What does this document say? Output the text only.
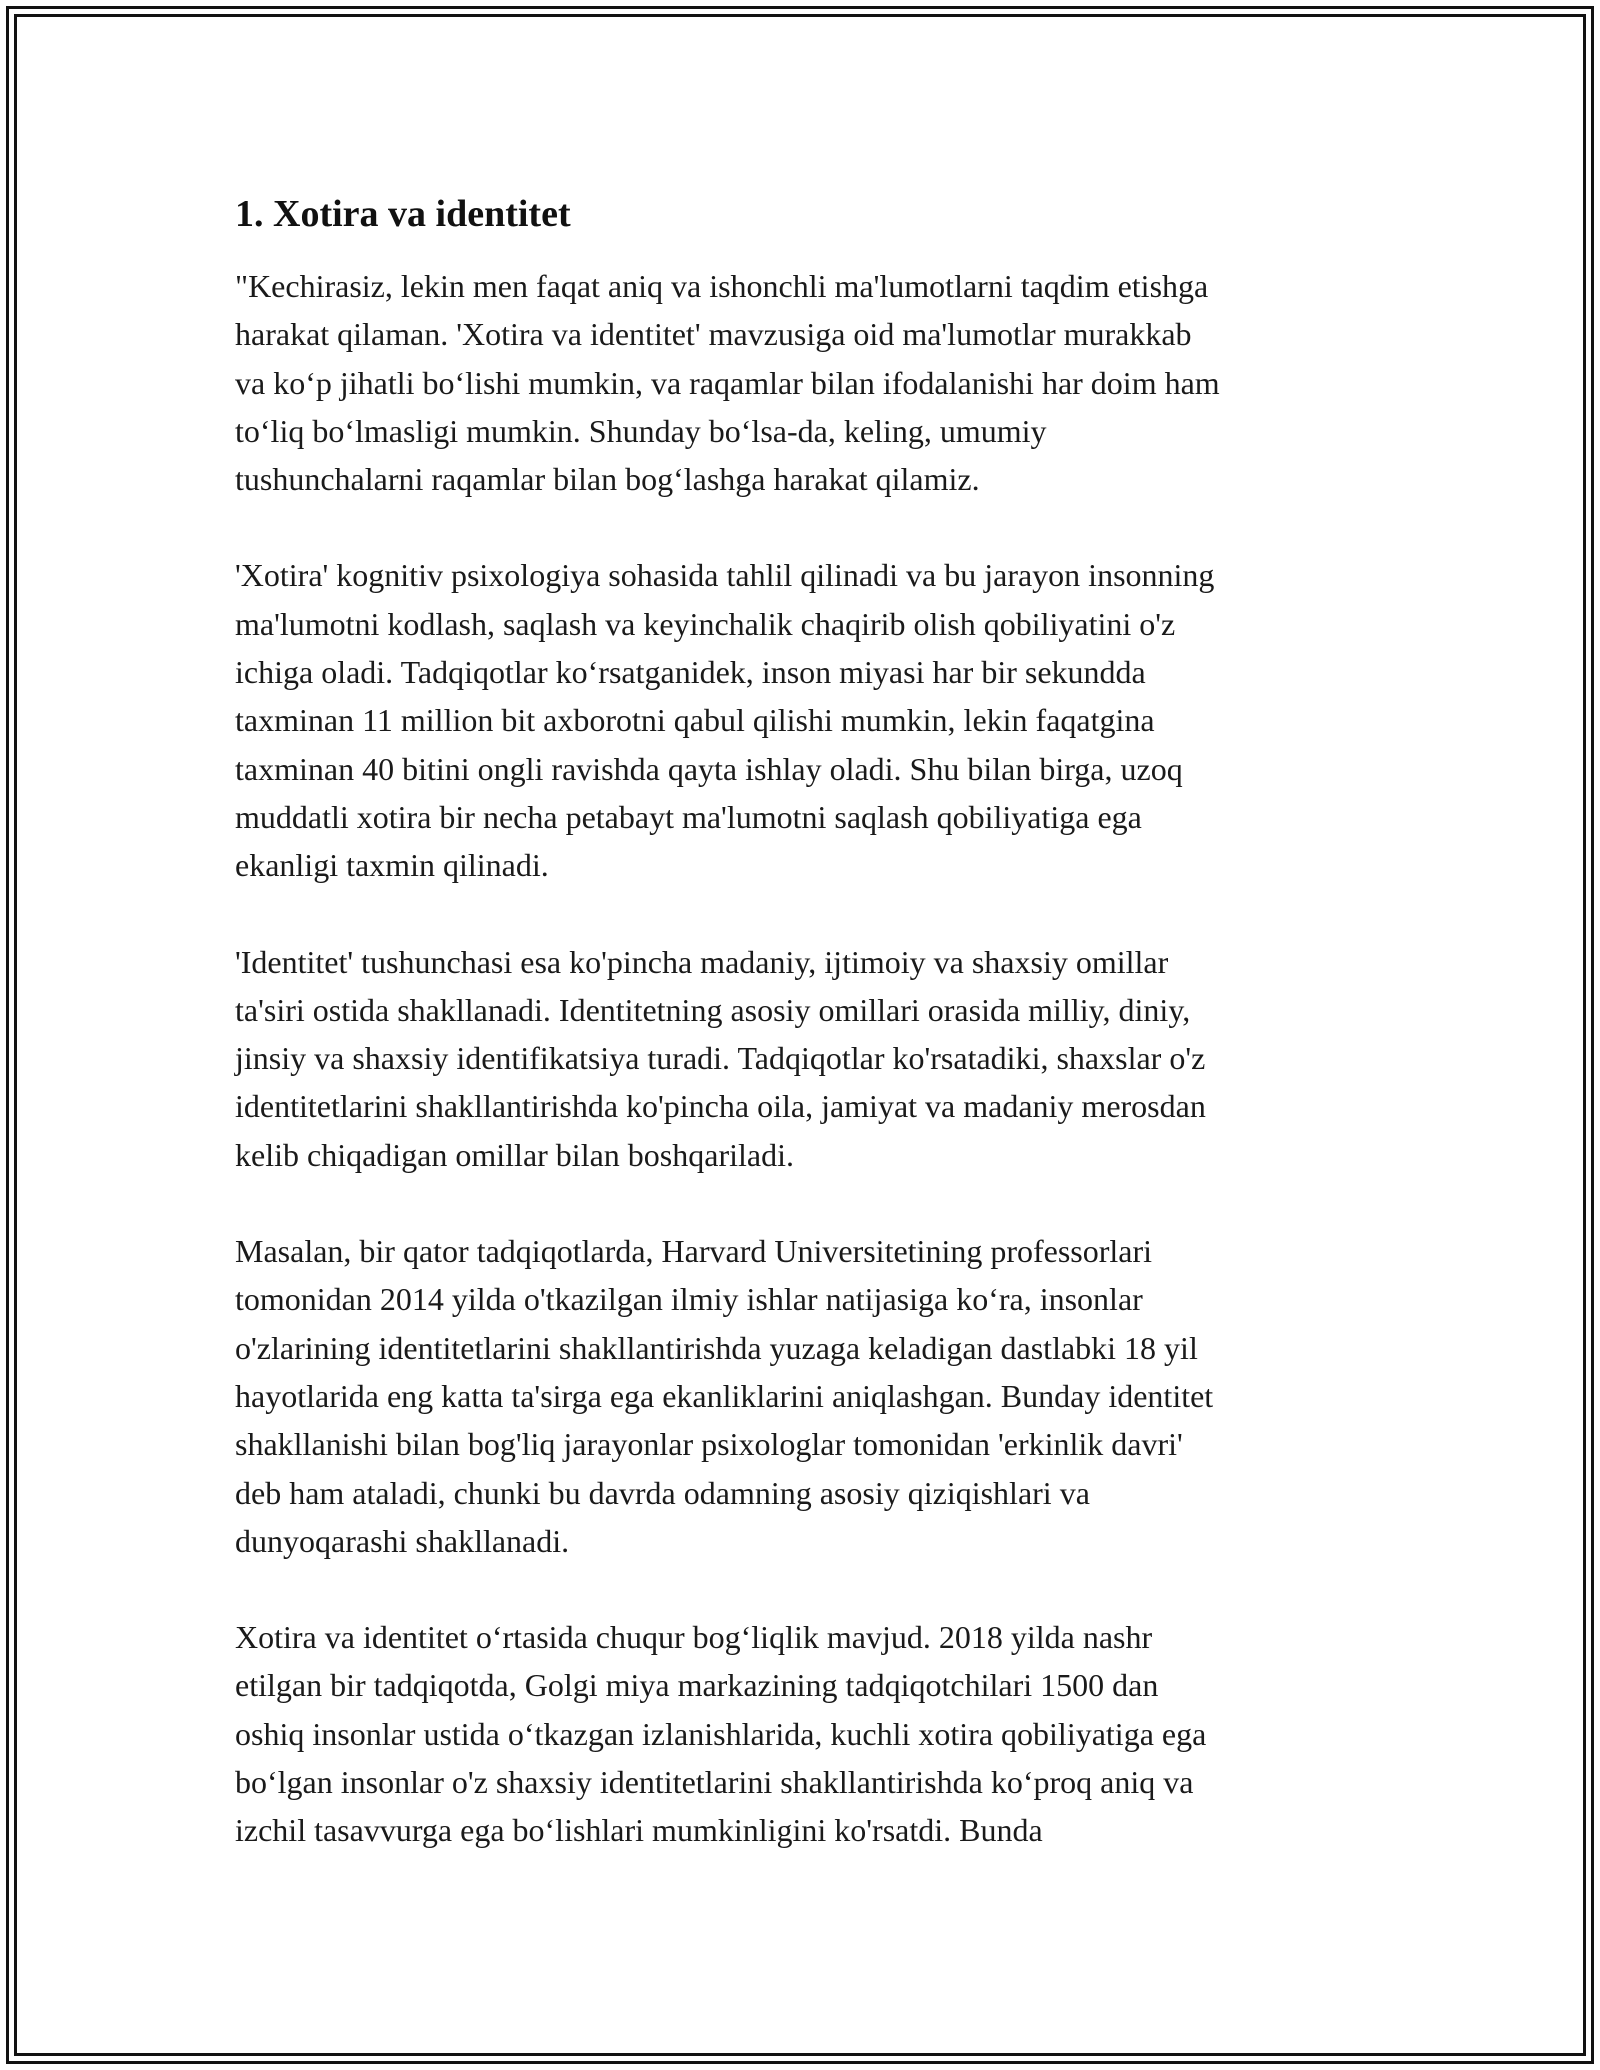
1. Xotira va identitet

"Kechirasiz, lekin men faqat aniq va ishonchli ma'lumotlarni taqdim etishga
harakat qilaman. 'Xotira va identitet' mavzusiga oid ma'lumotlar murakkab
va ko‘p jihatli bo‘lishi mumkin, va raqamlar bilan ifodalanishi har doim ham
to‘liq bo‘lmasligi mumkin. Shunday bo‘lsa-da, keling, umumiy
tushunchalarni raqamlar bilan bog‘lashga harakat qilamiz.

'Xotira' kognitiv psixologiya sohasida tahlil qilinadi va bu jarayon insonning
ma'lumotni kodlash, saqlash va keyinchalik chaqirib olish qobiliyatini o'z
ichiga oladi. Tadqiqotlar ko‘rsatganidek, inson miyasi har bir sekundda
taxminan 11 million bit axborotni qabul qilishi mumkin, lekin faqatgina
taxminan 40 bitini ongli ravishda qayta ishlay oladi. Shu bilan birga, uzoq
muddatli xotira bir necha petabayt ma'lumotni saqlash qobiliyatiga ega
ekanligi taxmin qilinadi.

'Identitet' tushunchasi esa ko'pincha madaniy, ijtimoiy va shaxsiy omillar
ta'siri ostida shakllanadi. Identitetning asosiy omillari orasida milliy, diniy,
jinsiy va shaxsiy identifikatsiya turadi. Tadqiqotlar ko'rsatadiki, shaxslar o'z
identitetlarini shakllantirishda ko'pincha oila, jamiyat va madaniy merosdan
kelib chiqadigan omillar bilan boshqariladi.

Masalan, bir qator tadqiqotlarda, Harvard Universitetining professorlari
tomonidan 2014 yilda o'tkazilgan ilmiy ishlar natijasiga ko‘ra, insonlar
o'zlarining identitetlarini shakllantirishda yuzaga keladigan dastlabki 18 yil
hayotlarida eng katta ta'sirga ega ekanliklarini aniqlashgan. Bunday identitet
shakllanishi bilan bog'liq jarayonlar psixologlar tomonidan 'erkinlik davri'
deb ham ataladi, chunki bu davrda odamning asosiy qiziqishlari va
dunyoqarashi shakllanadi.

Xotira va identitet o‘rtasida chuqur bog‘liqlik mavjud. 2018 yilda nashr
etilgan bir tadqiqotda, Golgi miya markazining tadqiqotchilari 1500 dan
oshiq insonlar ustida o‘tkazgan izlanishlarida, kuchli xotira qobiliyatiga ega
bo‘lgan insonlar o'z shaxsiy identitetlarini shakllantirishda ko‘proq aniq va
izchil tasavvurga ega bo‘lishlari mumkinligini ko'rsatdi. Bunda
